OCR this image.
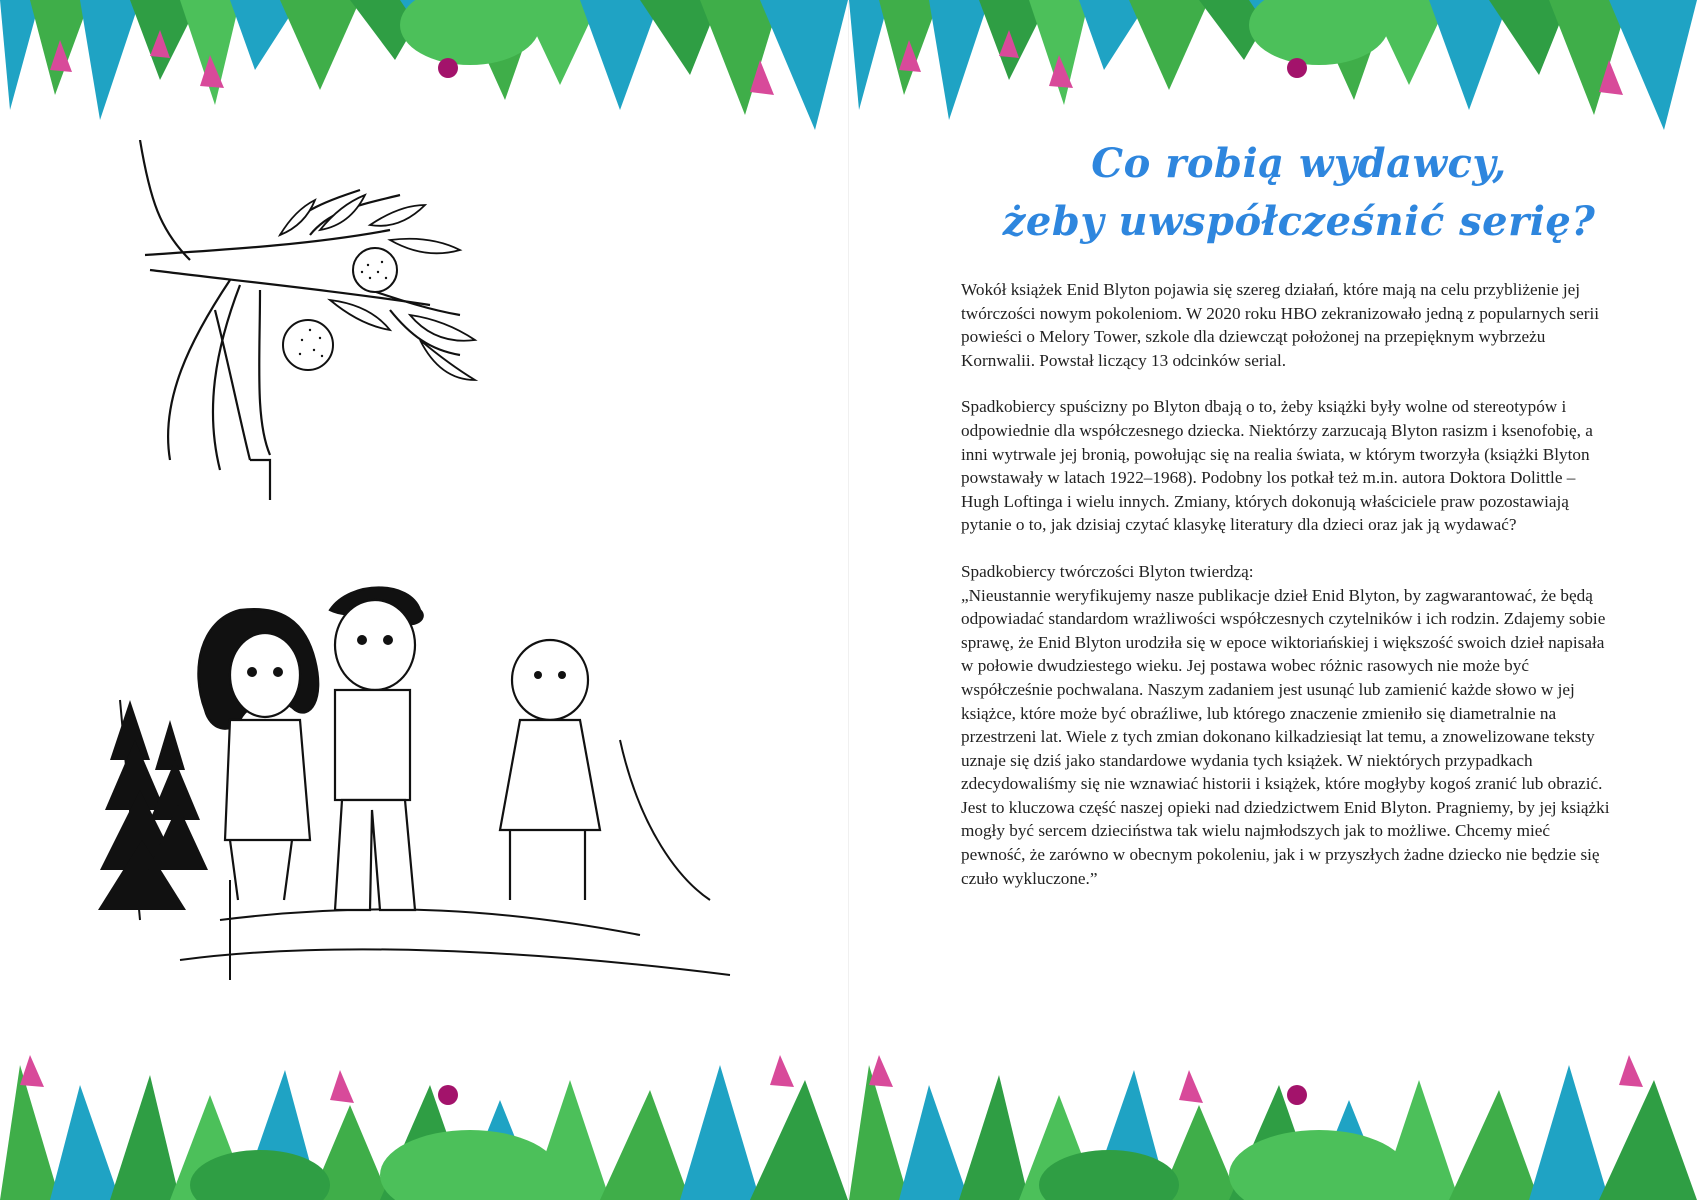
Co robią wydawcy,
żeby uwspółcześnić serię?

Wokół książek Enid Blyton pojawia się szereg działań, które mają na celu przybliżenie jej twórczości nowym pokoleniom. W 2020 roku HBO zekranizowało jedną z popularnych serii powieści o Melory Tower, szkole dla dziewcząt położonej na przepięknym wybrzeżu Kornwalii. Powstał liczący 13 odcinków serial.

Spadkobiercy spuścizny po Blyton dbają o to, żeby książki były wolne od stereotypów i odpowiednie dla współczesnego dziecka. Niektórzy zarzucają Blyton rasizm i ksenofobię, a inni wytrwale jej bronią, powołując się na realia świata, w którym tworzyła (książki Blyton powstawały w latach 1922–1968). Podobny los potkał też m.in. autora Doktora Dolittle – Hugh Loftinga i wielu innych. Zmiany, których dokonują właściciele praw pozostawiają pytanie o to, jak dzisiaj czytać klasykę literatury dla dzieci oraz jak ją wydawać?

Spadkobiercy twórczości Blyton twierdzą:
„Nieustannie weryfikujemy nasze publikacje dzieł Enid Blyton, by zagwarantować, że będą odpowiadać standardom wrażliwości współczesnych czytelników i ich rodzin. Zdajemy sobie sprawę, że Enid Blyton urodziła się w epoce wiktoriańskiej i większość swoich dzieł napisała w połowie dwudziestego wieku. Jej postawa wobec różnic rasowych nie może być współcześnie pochwalana. Naszym zadaniem jest usunąć lub zamienić każde słowo w jej książce, które może być obraźliwe, lub którego znaczenie zmieniło się diametralnie na przestrzeni lat. Wiele z tych zmian dokonano kilkadziesiąt lat temu, a znowelizowane teksty uznaje się dziś jako standardowe wydania tych książek. W niektórych przypadkach zdecydowaliśmy się nie wznawiać historii i książek, które mogłyby kogoś zranić lub obrazić. Jest to kluczowa część naszej opieki nad dziedzictwem Enid Blyton. Pragniemy, by jej książki mogły być sercem dzieciństwa tak wielu najmłodszych jak to możliwe. Chcemy mieć pewność, że zarówno w obecnym pokoleniu, jak i w przyszłych żadne dziecko nie będzie się czuło wykluczone.”
